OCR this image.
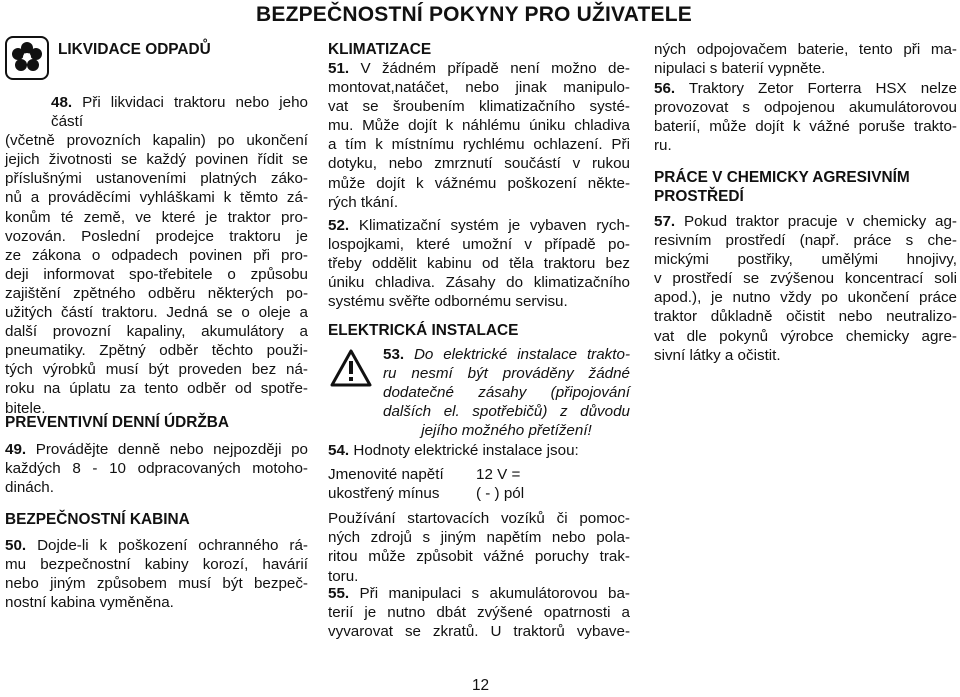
BEZPEČNOSTNÍ POKYNY PRO UŽIVATELE
LIKVIDACE ODPADŮ
48. Při likvidaci traktoru nebo jeho částí
(včetně provozních kapalin) po ukončení
jejich životnosti se každý povinen řídit se
příslušnými ustanoveními platných záko-
nů a prováděcími vyhláškami k těmto zá-
konům té země, ve které je traktor pro-
vozován. Poslední prodejce traktoru je
ze zákona o odpadech povinen při pro-
deji informovat spo-třebitele o způsobu
zajištění zpětného odběru některých po-
užitých částí traktoru. Jedná se o oleje a
další provozní kapaliny, akumulátory a
pneumatiky. Zpětný odběr těchto použi-
tých výrobků musí být proveden bez ná-
roku na úplatu za tento odběr od spotře-
bitele.
PREVENTIVNÍ DENNÍ ÚDRŽBA
49. Provádějte denně nebo nejpozději po
každých 8 - 10 odpracovaných motoho-
dinách.
BEZPEČNOSTNÍ KABINA
50. Dojde-li k poškození ochranného rá-
mu bezpečnostní kabiny korozí, havárií
nebo jiným způsobem musí být bezpeč-
nostní kabina vyměněna.
KLIMATIZACE
51. V žádném případě není možno de-
montovat,natáčet, nebo jinak manipulo-
vat se šroubením klimatizačního systé-
mu. Může dojít k náhlému úniku chladiva
a tím k místnímu rychlému ochlazení. Při
dotyku, nebo zmrznutí součástí v rukou
může dojít k vážnému poškození někte-
rých tkání.
52. Klimatizační systém je vybaven rych-
lospojkami, které umožní v případě po-
třeby oddělit kabinu od těla traktoru bez
úniku chladiva. Zásahy do klimatizačního
systému svěřte odbornému servisu.
ELEKTRICKÁ INSTALACE
53. Do elektrické instalace trakto-
ru nesmí být prováděny žádné
dodatečné zásahy (připojování
dalších el. spotřebičů) z důvodu
jejího možného přetížení!
54. Hodnoty elektrické instalace jsou:
Jmenovité napětí	12 V =
ukostřený mínus	( - ) pól
Používání startovacích vozíků či pomoc-
ných zdrojů s jiným napětím nebo pola-
ritou může způsobit vážné poruchy trak-
toru.
55. Při manipulaci s akumulátorovou ba-
terií je nutno dbát zvýšené opatrnosti a
vyvarovat se zkratů. U traktorů vybave-
ných odpojovačem baterie, tento při ma-
nipulaci s baterií vypněte.
56. Traktory Zetor Forterra HSX nelze
provozovat s odpojenou akumulátorovou
baterií, může dojít k vážné poruše trakto-
ru.
PRÁCE V CHEMICKY AGRESIVNÍM
PROSTŘEDÍ
57. Pokud traktor pracuje v chemicky ag-
resivním prostředí (např. práce s che-
mickými postřiky, umělými hnojivy,
v prostředí se zvýšenou koncentrací soli
apod.), je nutno vždy po ukončení práce
traktor důkladně očistit nebo neutralizo-
vat dle pokynů výrobce chemicky agre-
sivní látky a očistit.
12
